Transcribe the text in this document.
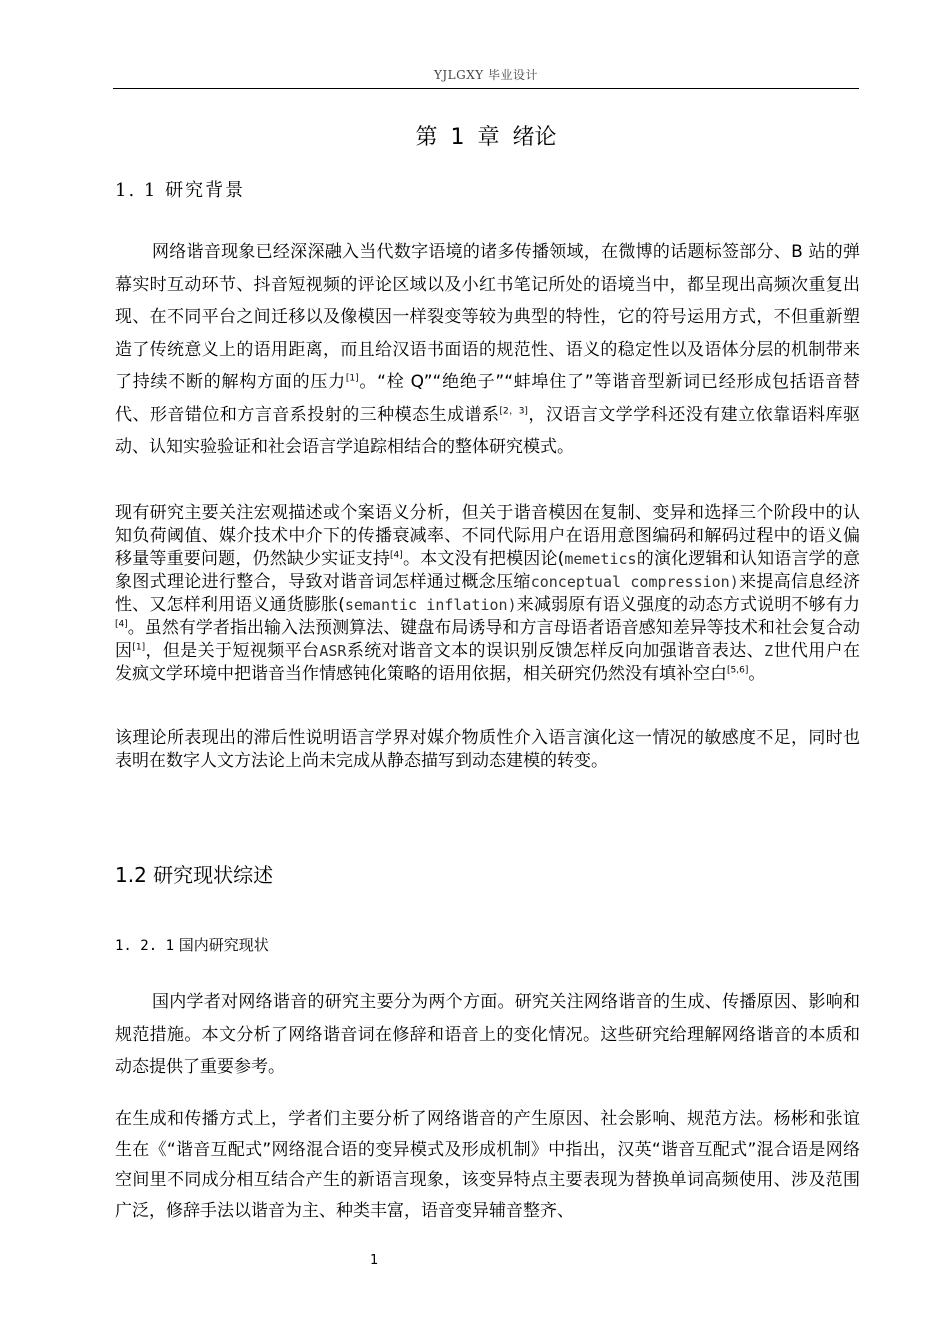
YJLGXY 毕业设计
第 1 章 绪论
1. 1 研究背景

网络谐音现象已经深深融入当代数字语境的诸多传播领域，在微博的话题标签部分、B 站的弹幕实时互动环节、抖音短视频的评论区域以及小红书笔记所处的语境当中，都呈现出高频次重复出现、在不同平台之间迁移以及像模因一样裂变等较为典型的特性，它的符号运用方式，不但重新塑造了传统意义上的语用距离，而且给汉语书面语的规范性、语义的稳定性以及语体分层的机制带来了持续不断的解构方面的压力[1]。“栓 Q”“绝绝子”“蚌埠住了”等谐音型新词已经形成包括语音替代、形音错位和方言音系投射的三种模态生成谱系[2，3]，汉语言文学学科还没有建立依靠语料库驱动、认知实验验证和社会语言学追踪相结合的整体研究模式。

现有研究主要关注宏观描述或个案语义分析，但关于谐音模因在复制、变异和选择三个阶段中的认知负荷阈值、媒介技术中介下的传播衰减率、不同代际用户在语用意图编码和解码过程中的语义偏移量等重要问题，仍然缺少实证支持[4]。本文没有把模因论(memetics的演化逻辑和认知语言学的意象图式理论进行整合，导致对谐音词怎样通过概念压缩conceptual compression)来提高信息经济性、又怎样利用语义通货膨胀(semantic inflation)来减弱原有语义强度的动态方式说明不够有力[4]。虽然有学者指出输入法预测算法、键盘布局诱导和方言母语者语音感知差异等技术和社会复合动因[1]，但是关于短视频平台ASR系统对谐音文本的误识别反馈怎样反向加强谐音表达、Z世代用户在发疯文学环境中把谐音当作情感钝化策略的语用依据，相关研究仍然没有填补空白[5,6]。

该理论所表现出的滞后性说明语言学界对媒介物质性介入语言演化这一情况的敏感度不足，同时也表明在数字人文方法论上尚未完成从静态描写到动态建模的转变。

1.2 研究现状综述
1. 2. 1 国内研究现状

国内学者对网络谐音的研究主要分为两个方面。研究关注网络谐音的生成、传播原因、影响和规范措施。本文分析了网络谐音词在修辞和语音上的变化情况。这些研究给理解网络谐音的本质和动态提供了重要参考。

在生成和传播方式上，学者们主要分析了网络谐音的产生原因、社会影响、规范方法。杨彬和张谊生在《“谐音互配式”网络混合语的变异模式及形成机制》中指出，汉英“谐音互配式”混合语是网络空间里不同成分相互结合产生的新语言现象，该变异特点主要表现为替换单词高频使用、涉及范围广泛，修辞手法以谐音为主、种类丰富，语音变异辅音整齐、

1
